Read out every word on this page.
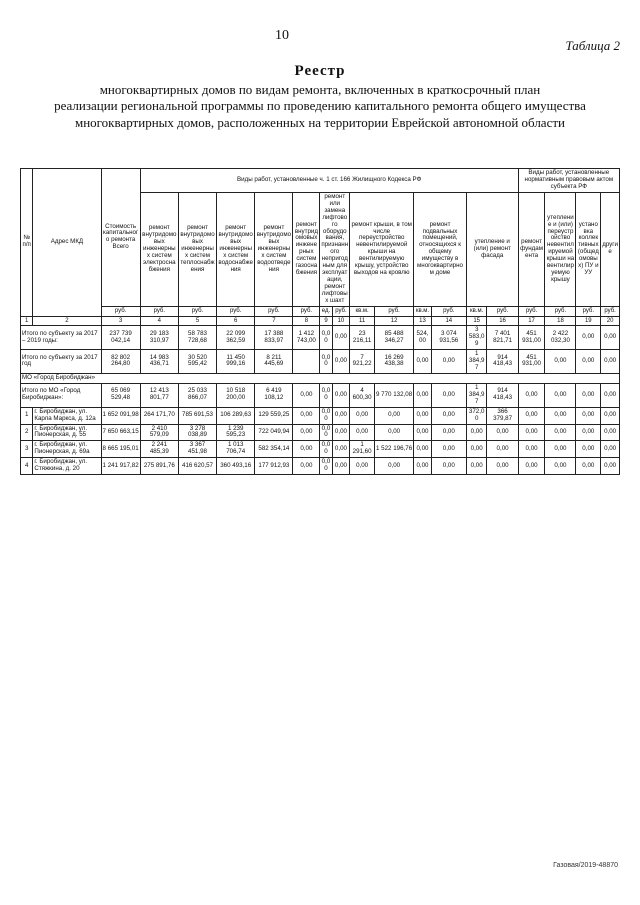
10
Таблица 2
Реестр
многоквартирных домов по видам ремонта, включенных в краткосрочный план
реализации региональной программы по проведению капитального ремонта общего имущества
многоквартирных домов, расположенных на территории Еврейской автономной области
№ п/п	Адрес МКД	Стоимость капитального ремонта Всего	Виды работ, установленные ч. 1 ст. 166 Жилищного Кодекса РФ													Виды работ, установленные нормативным правовым актом субъекта РФ			
			ремонт внутридомовых инженерных систем электроснабжения	ремонт внутридомовых инженерных систем теплоснабжения	ремонт внутридомовых инженерных систем водоснабжения	ремонт внутридомовых инженерных систем водоотведения	ремонт внутридомовых инженерных систем газоснабжения	ремонт или замена лифтового оборудования, признанного непригодным для эксплуатации, ремонт лифтовых шахт		ремонт крыши, в том числе переустройство невентилируемой крыши на вентилируемую крышу, устройство выходов на кровлю		ремонт подвальных помещений, относящихся к общему имуществу в многоквартирном доме		утепление и (или) ремонт фасада		ремонт фундамента	утепление и (или) переустройство невентилируемой крыши на вентилируемую крышу	установка коллективных (общедомовых) ПУ и УУ	другие
		руб.	руб.	руб.	руб.	руб.	руб.	ед.	руб.	кв.м.	руб.	кв.м.	руб.	кв.м.	руб.	руб.	руб.	руб.	руб.
1	2	3	4	5	6	7	8	9	10	11	12	13	14	15	16	17	18	19	20
Итого по субъекту за 2017 – 2019 годы:		237 739 042,14	29 183 310,97	58 783 728,68	22 099 362,59	17 388 833,97	1 412 743,00	0,00	0,00	23 216,11	85 488 346,27	524,00	3 074 931,56	3 583,09	7 401 821,71	451 931,00	2 422 032,30	0,00	0,00
Итого по субъекту за 2017 год		82 802 264,80	14 983 436,71	30 520 595,42	11 450 999,16	8 211 445,69		0,00	0,00	7 921,22	16 269 438,38	0,00	0,00	1 384,97	914 418,43	451 931,00	0,00	0,00	0,00
МО «Город Биробиджан»																			
Итого по МО «Город Биробиджан»:		65 069 529,48	12 413 801,77	25 033 866,07	10 518 200,00	6 419 108,12	0,00	0,00	0,00	4 600,30	9 770 132,08	0,00	0,00	1 384,97	914 418,43	0,00	0,00	0,00	0,00
1	г. Биробиджан, ул. Карла Маркса, д. 12а	1 652 091,98	264 171,70	785 691,53	106 289,63	129 559,25	0,00	0,00	0,00	0,00	0,00	0,00	0,00	372,00	366 379,87	0,00	0,00	0,00	0,00
2	г. Биробиджан, ул. Пионерская, д. 55	7 650 663,15	2 410 579,09	3 278 038,89	1 239 595,23	722 049,94	0,00	0,00	0,00	0,00	0,00	0,00	0,00	0,00	0,00	0,00	0,00	0,00	0,00
3	г. Биробиджан, ул. Пионерская, д. 69а	8 665 195,01	2 241 485,39	3 367 451,98	1 013 706,74	582 354,14	0,00	0,00	0,00	1 291,60	1 522 196,76	0,00	0,00	0,00	0,00	0,00	0,00	0,00	0,00
4	г. Биробиджан, ул. Стяжкина, д. 20	1 241 917,82	275 891,76	416 620,57	360 493,16	177 912,93	0,00	0,00	0,00	0,00	0,00	0,00	0,00	0,00	0,00	0,00	0,00	0,00	0,00
Газовая/2019-48870
